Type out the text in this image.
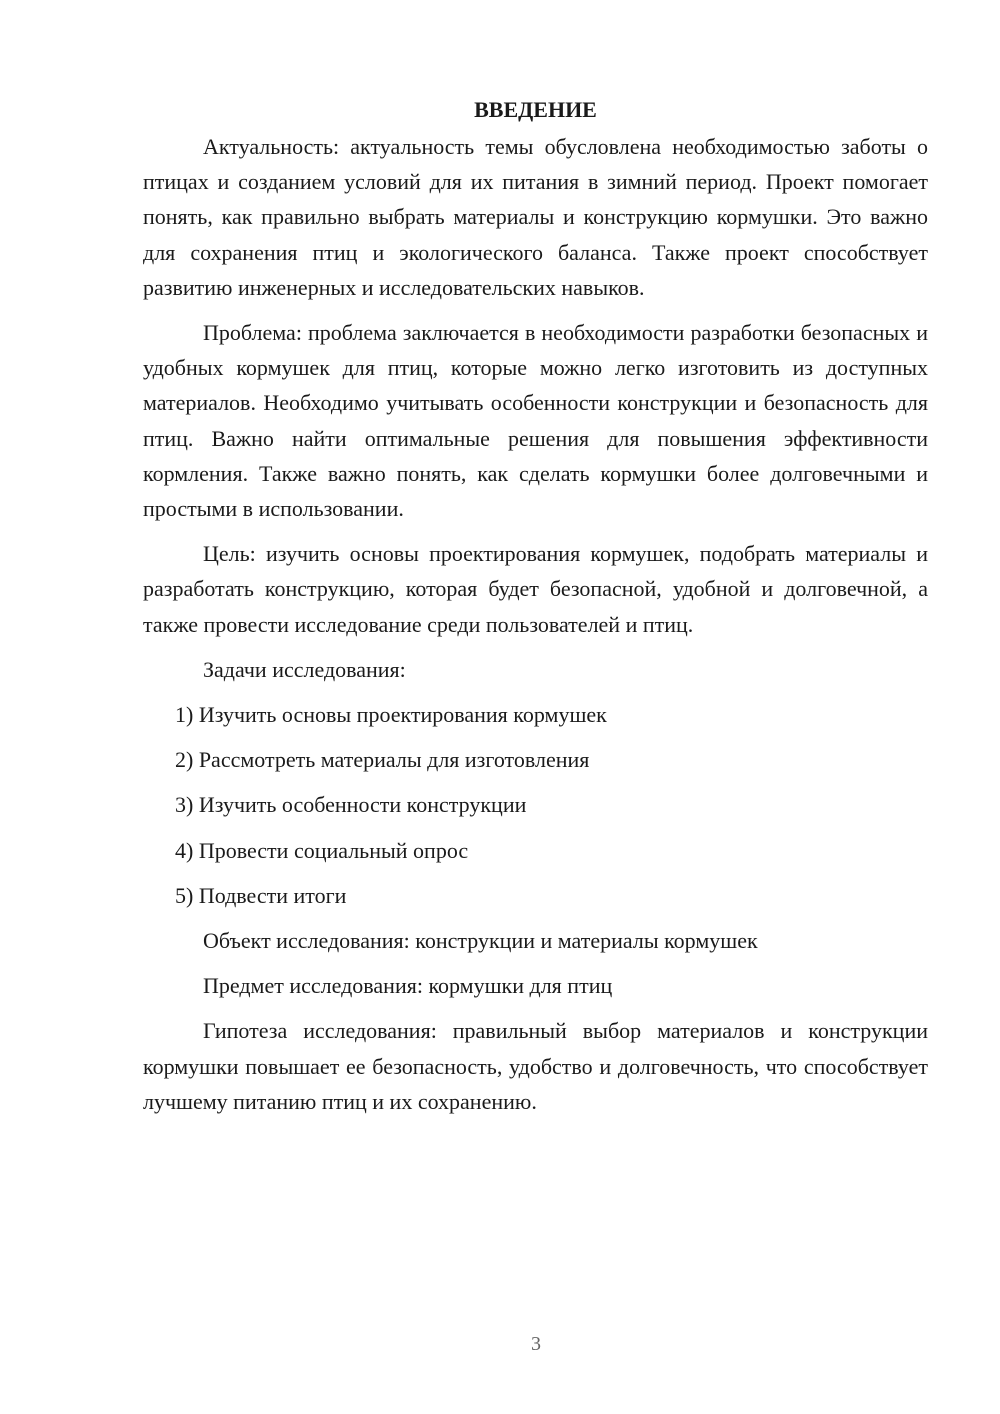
ВВЕДЕНИЕ

Актуальность: актуальность темы обусловлена необходимостью заботы о птицах и созданием условий для их питания в зимний период. Проект помогает понять, как правильно выбрать материалы и конструкцию кормушки. Это важно для сохранения птиц и экологического баланса. Также проект способствует развитию инженерных и исследовательских навыков.

Проблема: проблема заключается в необходимости разработки безопасных и удобных кормушек для птиц, которые можно легко изготовить из доступных материалов. Необходимо учитывать особенности конструкции и безопасность для птиц. Важно найти оптимальные решения для повышения эффективности кормления. Также важно понять, как сделать кормушки более долговечными и простыми в использовании.

Цель: изучить основы проектирования кормушек, подобрать материалы и разработать конструкцию, которая будет безопасной, удобной и долговечной, а также провести исследование среди пользователей и птиц.

Задачи исследования:

1) Изучить основы проектирования кормушек

2) Рассмотреть материалы для изготовления

3) Изучить особенности конструкции

4) Провести социальный опрос

5) Подвести итоги

Объект исследования: конструкции и материалы кормушек

Предмет исследования: кормушки для птиц

Гипотеза исследования: правильный выбор материалов и конструкции кормушки повышает ее безопасность, удобство и долговечность, что способствует лучшему питанию птиц и их сохранению.

3
